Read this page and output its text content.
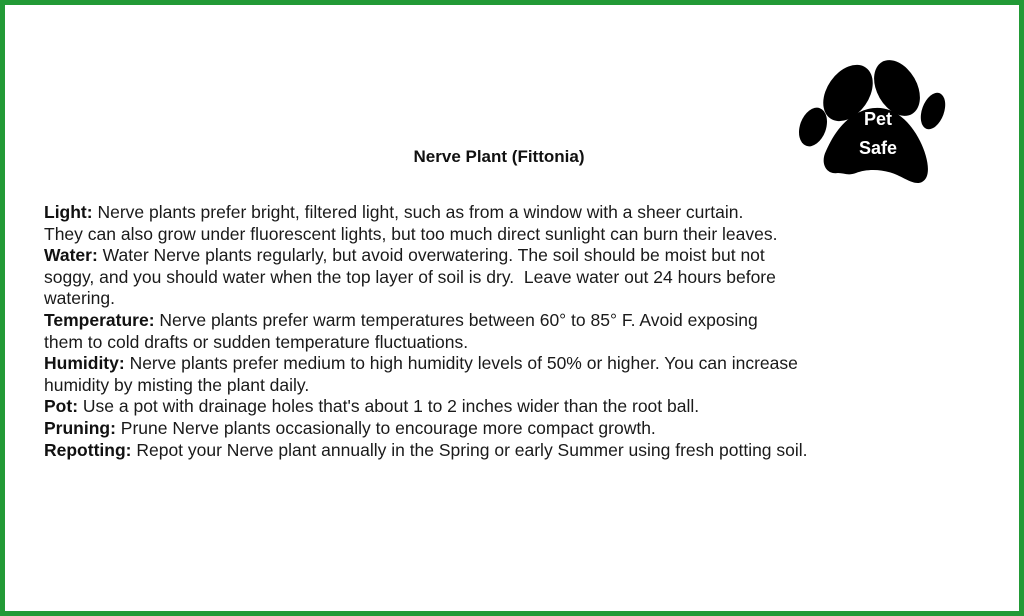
Pet
Safe
Nerve Plant (Fittonia)
Light: Nerve plants prefer bright, filtered light, such as from a window with a sheer curtain.
They can also grow under fluorescent lights, but too much direct sunlight can burn their leaves.
Water: Water Nerve plants regularly, but avoid overwatering. The soil should be moist but not
soggy, and you should water when the top layer of soil is dry.  Leave water out 24 hours before
watering.
Temperature: Nerve plants prefer warm temperatures between 60° to 85° F. Avoid exposing
them to cold drafts or sudden temperature fluctuations.
Humidity: Nerve plants prefer medium to high humidity levels of 50% or higher. You can increase
humidity by misting the plant daily.
Pot: Use a pot with drainage holes that's about 1 to 2 inches wider than the root ball.
Pruning: Prune Nerve plants occasionally to encourage more compact growth.
Repotting: Repot your Nerve plant annually in the Spring or early Summer using fresh potting soil.
